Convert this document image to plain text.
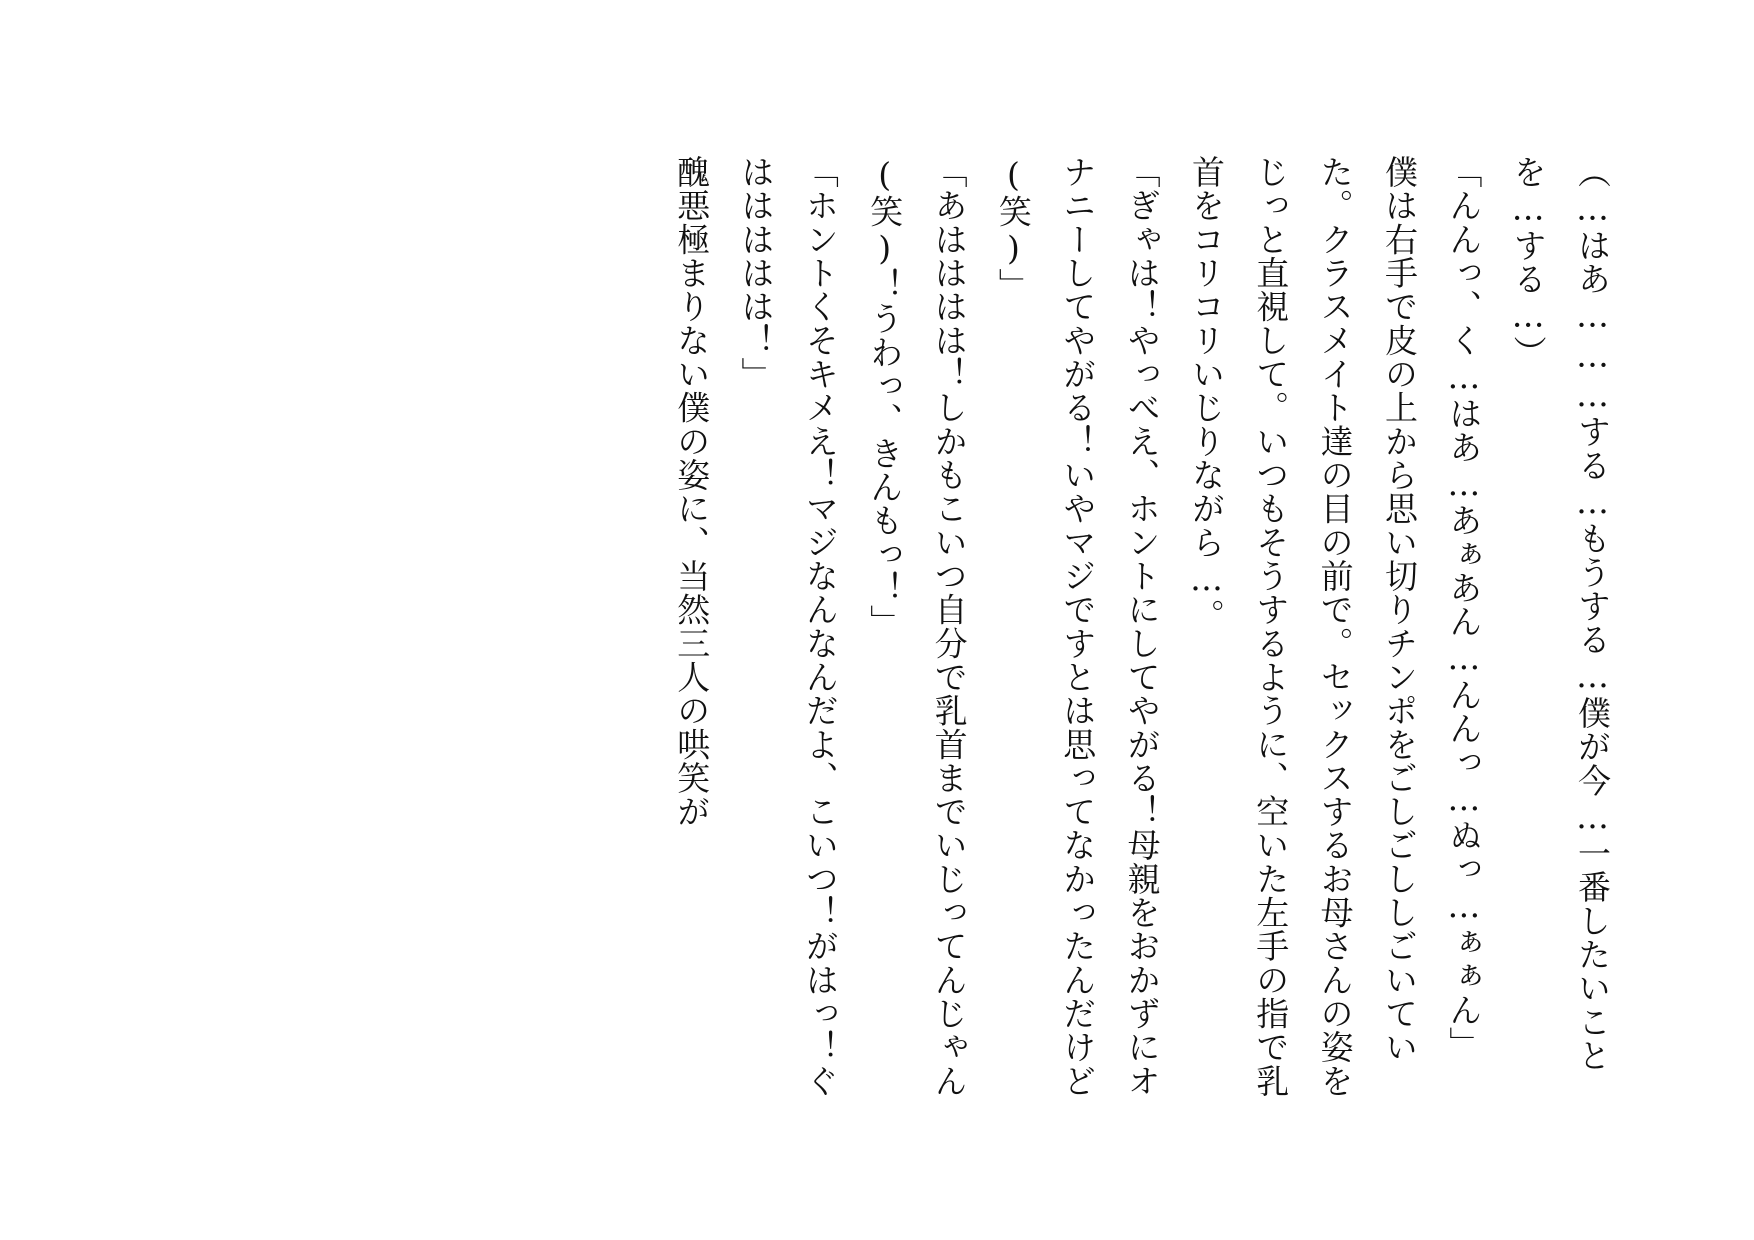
（…はあ………する…もうする…僕が今…一番したいことを…する…）

「んんっ、く…はあ…あぁあん…んんっ…ぬっ…ぁぁん」

僕は右手で皮の上から思い切りチンポをごしごししごいていた。クラスメイト達の目の前で。セックスするお母さんの姿をじっと直視して。いつもそうするように、空いた左手の指で乳首をコリコリいじりながら…。

「ぎゃは！やっべえ、ホントにしてやがる！母親をおかずにオナニーしてやがる！いやマジですとは思ってなかったんだけど(笑)」

「あはははは！しかもこいつ自分で乳首までいじってんじゃん(笑)！うわっ、きんもっ！」

「ホントくそキメえ！マジなんなんだよ、こいつ！がはっ！ぐははははは！」

醜悪極まりない僕の姿に、当然三人の哄笑が
